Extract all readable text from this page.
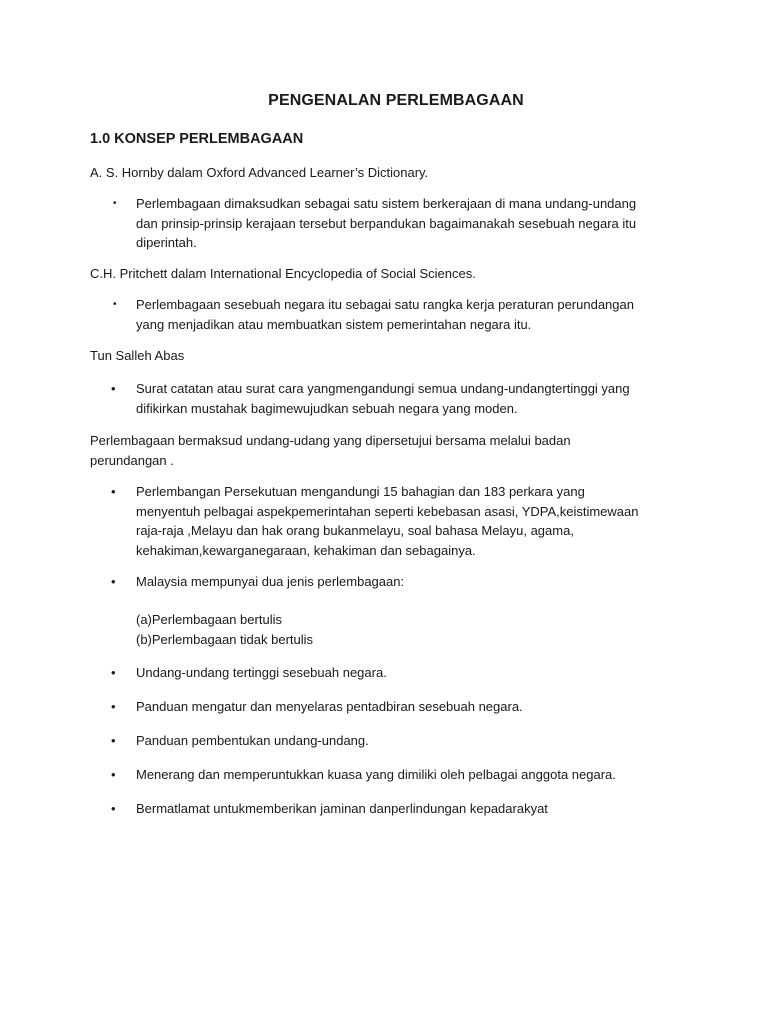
PENGENALAN PERLEMBAGAAN
1.0 KONSEP PERLEMBAGAAN
A. S. Hornby dalam Oxford Advanced Learner’s Dictionary.
• Perlembagaan dimaksudkan sebagai satu sistem berkerajaan di mana undang-undang
dan prinsip-prinsip kerajaan tersebut berpandukan bagaimanakah sesebuah negara itu
diperintah.
C.H. Pritchett dalam International Encyclopedia of Social Sciences.
• Perlembagaan sesebuah negara itu sebagai satu rangka kerja peraturan perundangan
yang menjadikan atau membuatkan sistem pemerintahan negara itu.
Tun Salleh Abas
• Surat catatan atau surat cara yangmengandungi semua undang-undangtertinggi yang
difikirkan mustahak bagimewujudkan sebuah negara yang moden.
Perlembagaan bermaksud undang-udang yang dipersetujui bersama melalui badan
perundangan .
• Perlembangan Persekutuan mengandungi 15 bahagian dan 183 perkara yang
menyentuh pelbagai aspekpemerintahan seperti kebebasan asasi, YDPA,keistimewaan
raja-raja ,Melayu dan hak orang bukanmelayu, soal bahasa Melayu, agama,
kehakiman,kewarganegaraan, kehakiman dan sebagainya.
• Malaysia mempunyai dua jenis perlembagaan:
(a)Perlembagaan bertulis
(b)Perlembagaan tidak bertulis
• Undang-undang tertinggi sesebuah negara.
• Panduan mengatur dan menyelaras pentadbiran sesebuah negara.
• Panduan pembentukan undang-undang.
• Menerang dan memperuntukkan kuasa yang dimiliki oleh pelbagai anggota negara.
• Bermatlamat untukmemberikan jaminan danperlindungan kepadarakyat
